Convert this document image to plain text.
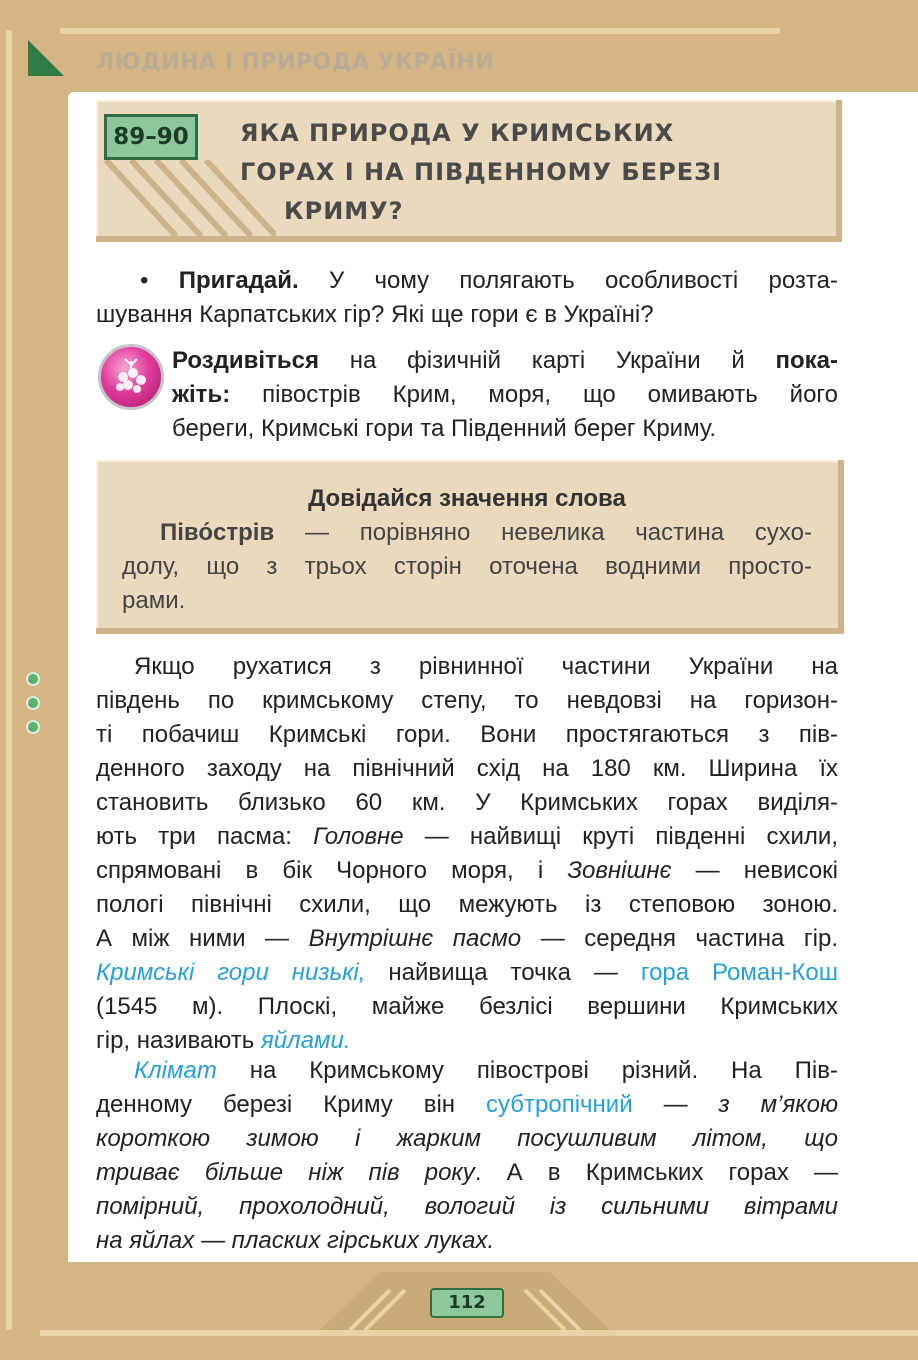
ЛЮДИНА І ПРИРОДА УКРАЇНИ
89–90	ЯКА ПРИРОДА У КРИМСЬКИХ
ГОРАХ І НА ПІВДЕННОМУ БЕРЕЗІ
КРИМУ?
• Пригадай. У чому полягають особливості розта-
шування Карпатських гір? Які ще гори є в Україні?
Роздивіться на фізичній карті України й пока-
жіть: півострів Крим, моря, що омивають його
береги, Кримські гори та Південний берег Криму.
Довідайся значення слова
Піво́стрів — порівняно невелика частина сухо-
долу, що з трьох сторін оточена водними просто-
рами.
Якщо рухатися з рівнинної частини України на
південь по кримському степу, то невдовзі на горизон-
ті побачиш Кримські гори. Вони простягаються з пів-
денного заходу на північний схід на 180 км. Ширина їх
становить близько 60 км. У Кримських горах виділя-
ють три пасма: Головне — найвищі круті південні схили,
спрямовані в бік Чорного моря, і Зовнішнє — невисокі
пологі північні схили, що межують із степовою зоною.
А між ними — Внутрішнє пасмо — середня частина гір.
Кримські гори низькі, найвища точка — гора Роман-Кош
(1545 м). Плоскі, майже безлісі вершини Кримських
гір, називають яйлами.
Клімат на Кримському півострові різний. На Пів-
денному березі Криму він субтропічний — з м’якою
короткою зимою і жарким посушливим літом, що
триває більше ніж пів року. А в Кримських горах —
помірний, прохолодний, вологий із сильними вітрами
на яйлах — пласких гірських луках.
112
